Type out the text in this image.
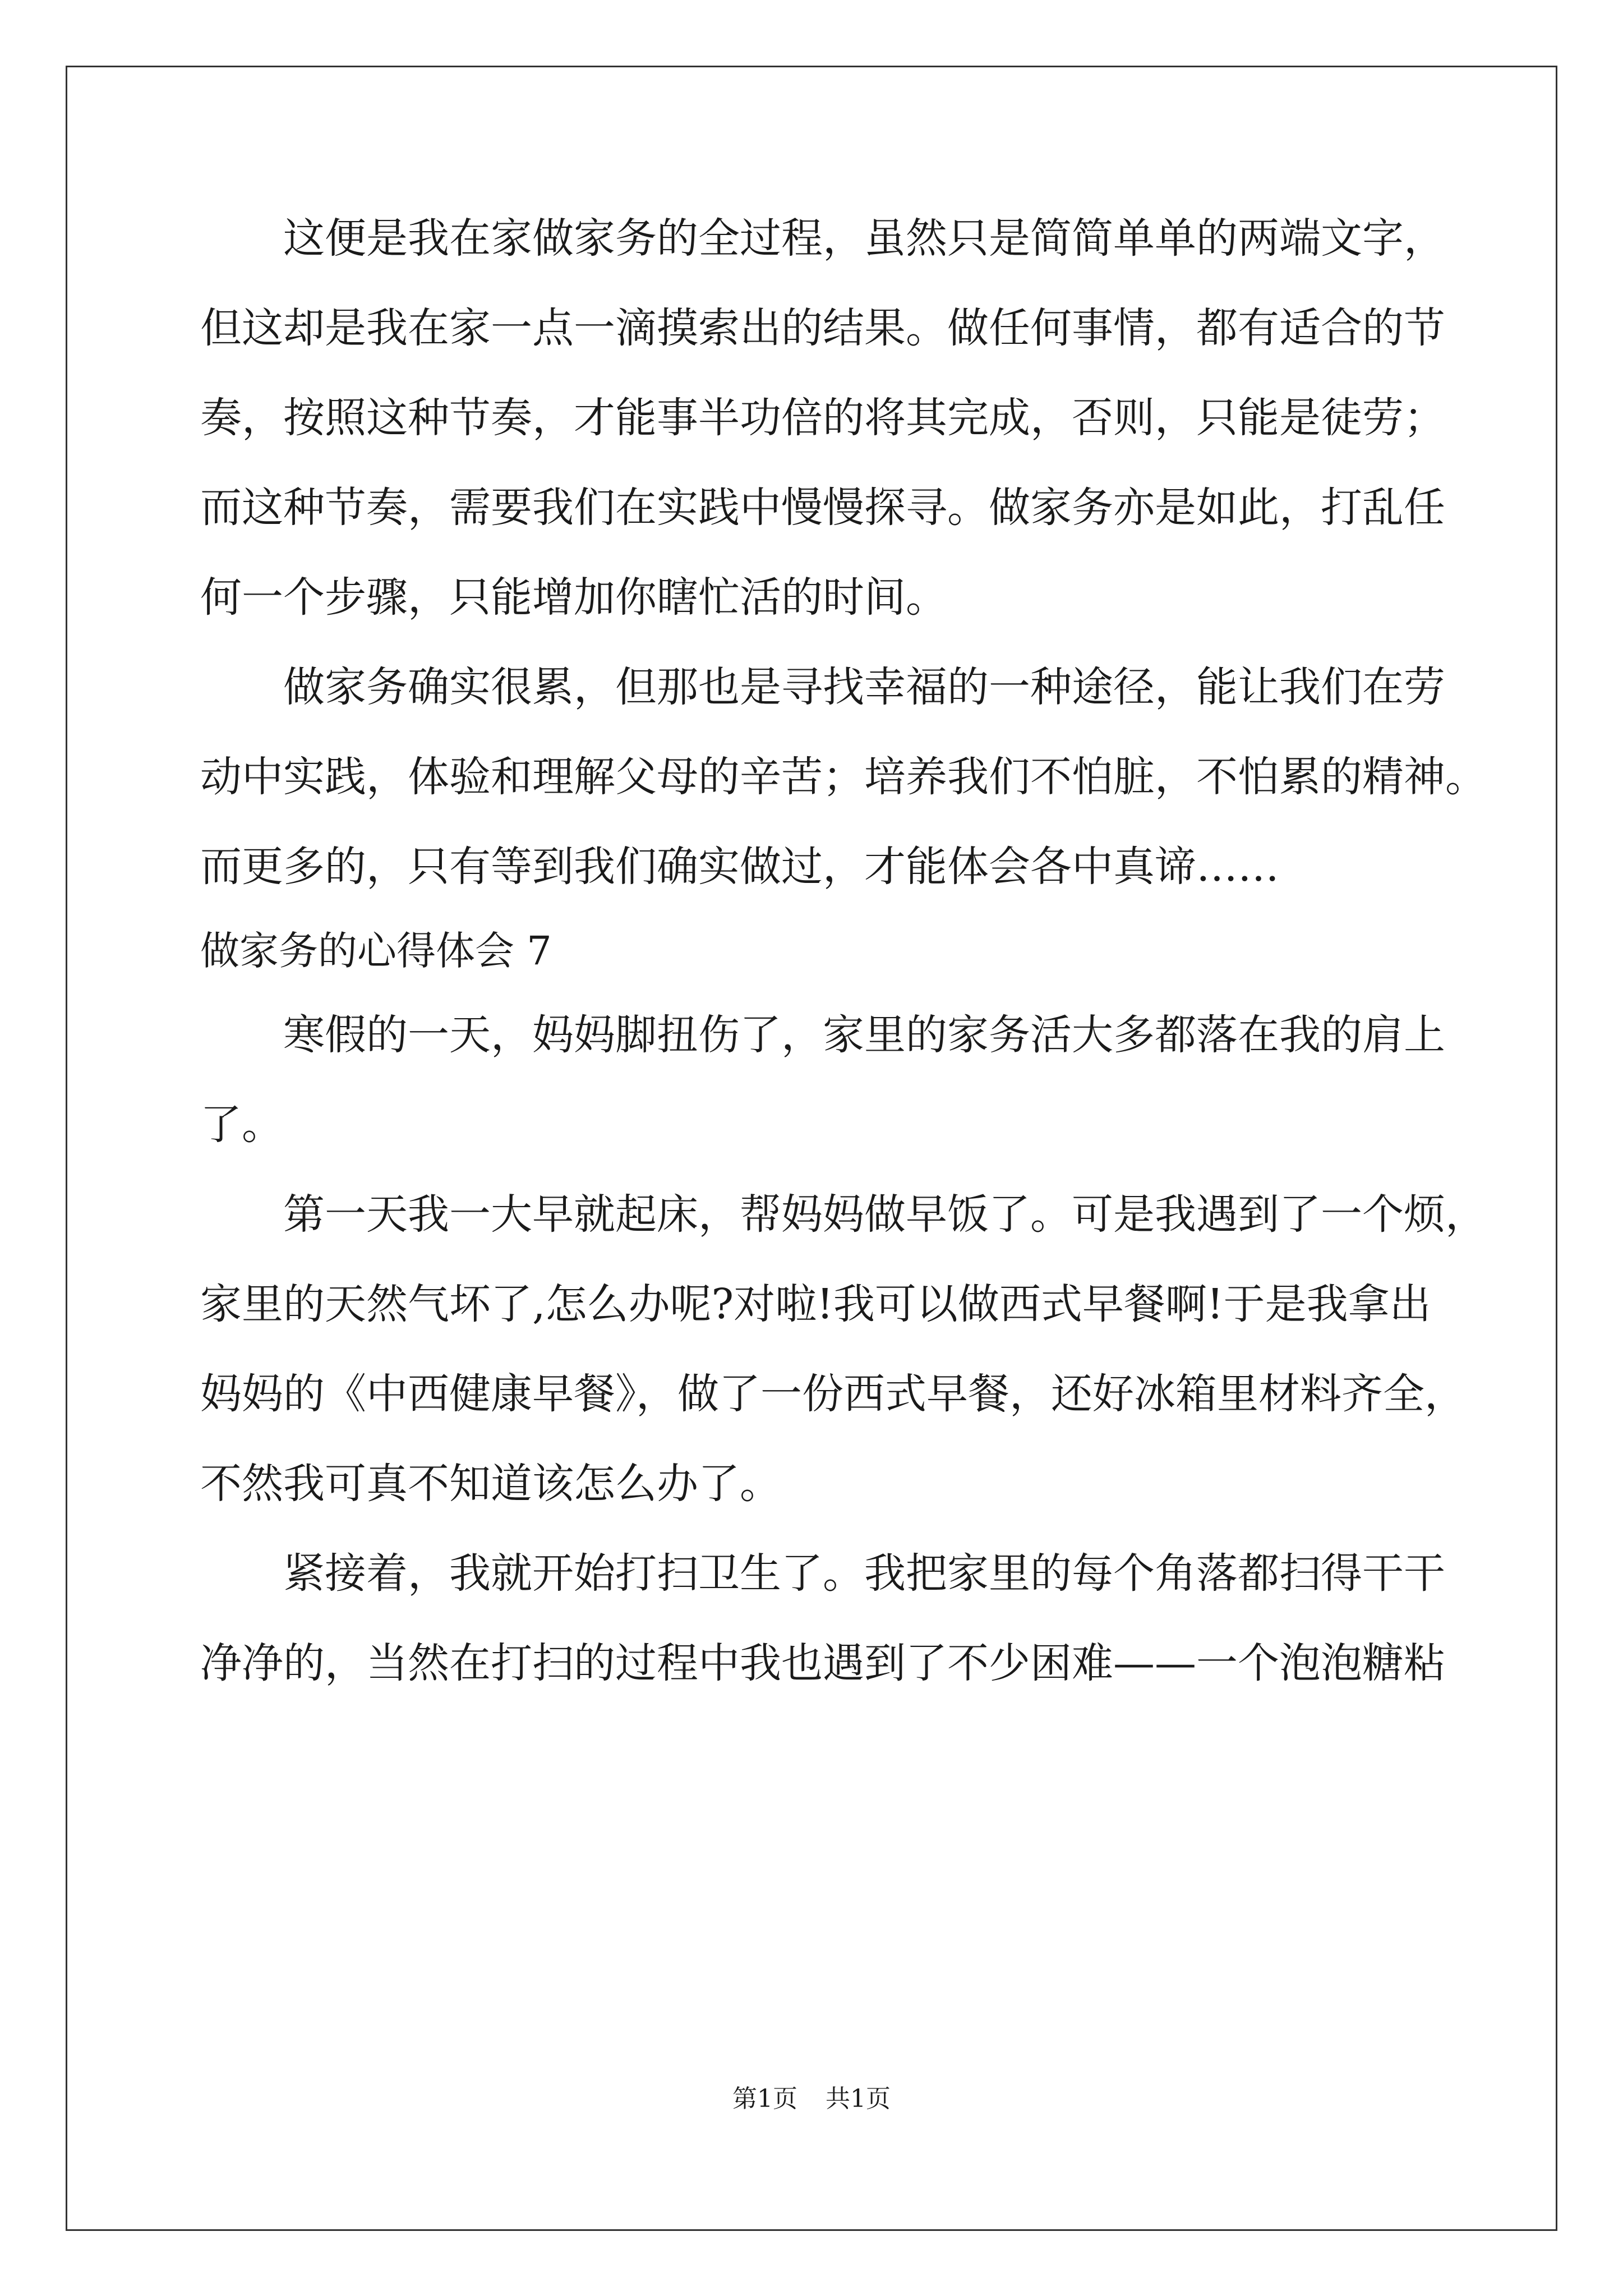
这便是我在家做家务的全过程，虽然只是简简单单的两端文字，
但这却是我在家一点一滴摸索出的结果。做任何事情，都有适合的节
奏，按照这种节奏，才能事半功倍的将其完成，否则，只能是徒劳；
而这种节奏，需要我们在实践中慢慢探寻。做家务亦是如此，打乱任
何一个步骤，只能增加你瞎忙活的时间。
做家务确实很累，但那也是寻找幸福的一种途径，能让我们在劳
动中实践，体验和理解父母的辛苦；培养我们不怕脏，不怕累的精神。
而更多的，只有等到我们确实做过，才能体会各中真谛……
做家务的心得体会 7
寒假的一天，妈妈脚扭伤了，家里的家务活大多都落在我的肩上
了。
第一天我一大早就起床，帮妈妈做早饭了。可是我遇到了一个烦，
家里的天然气坏了,怎么办呢?对啦!我可以做西式早餐啊!于是我拿出
妈妈的《中西健康早餐》，做了一份西式早餐，还好冰箱里材料齐全，
不然我可真不知道该怎么办了。
紧接着，我就开始打扫卫生了。我把家里的每个角落都扫得干干
净净的，当然在打扫的过程中我也遇到了不少困难——一个泡泡糖粘
第1页 共1页
